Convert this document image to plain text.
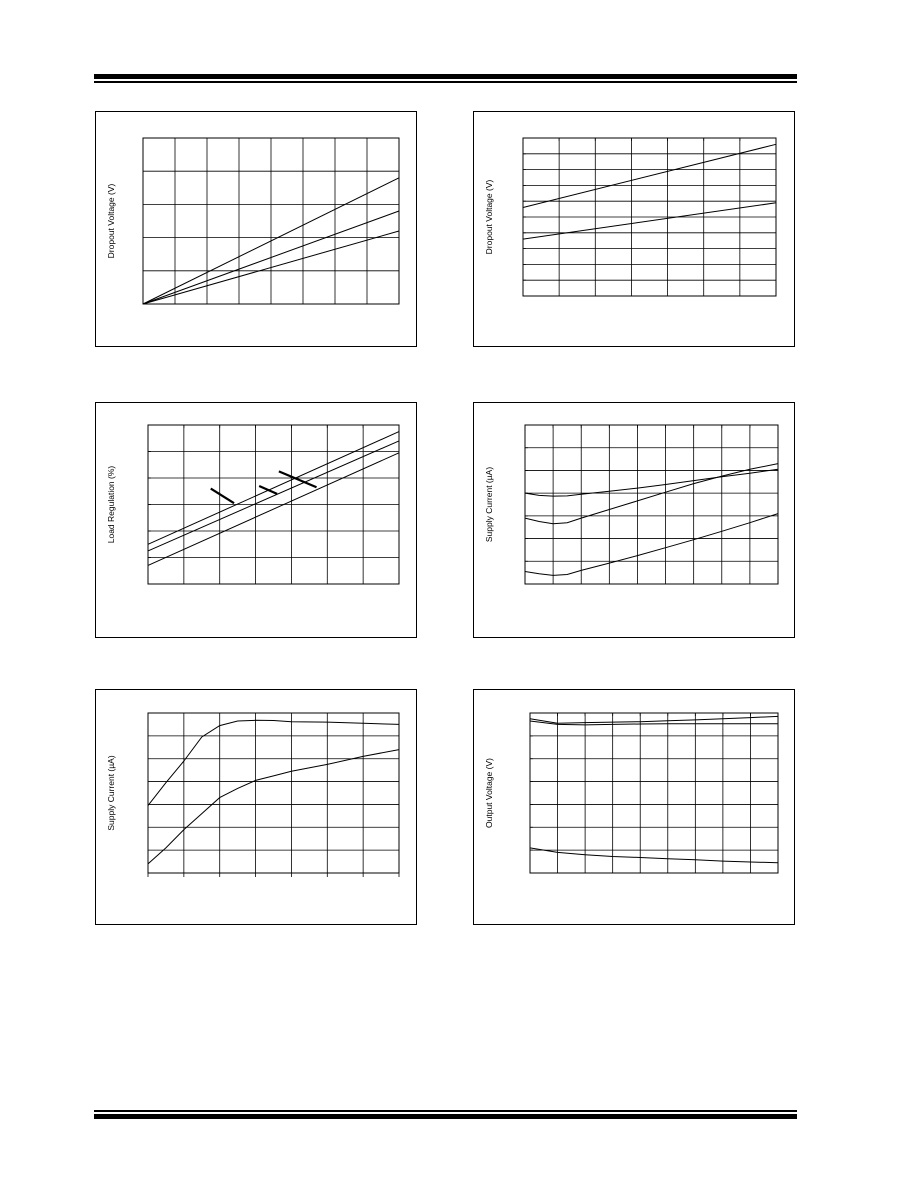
Dropout Voltage (V)	Dropout Voltage (V)
Load Regulation (%)	Supply Current (µA)
Supply Current (µA)	Output Voltage (V)
